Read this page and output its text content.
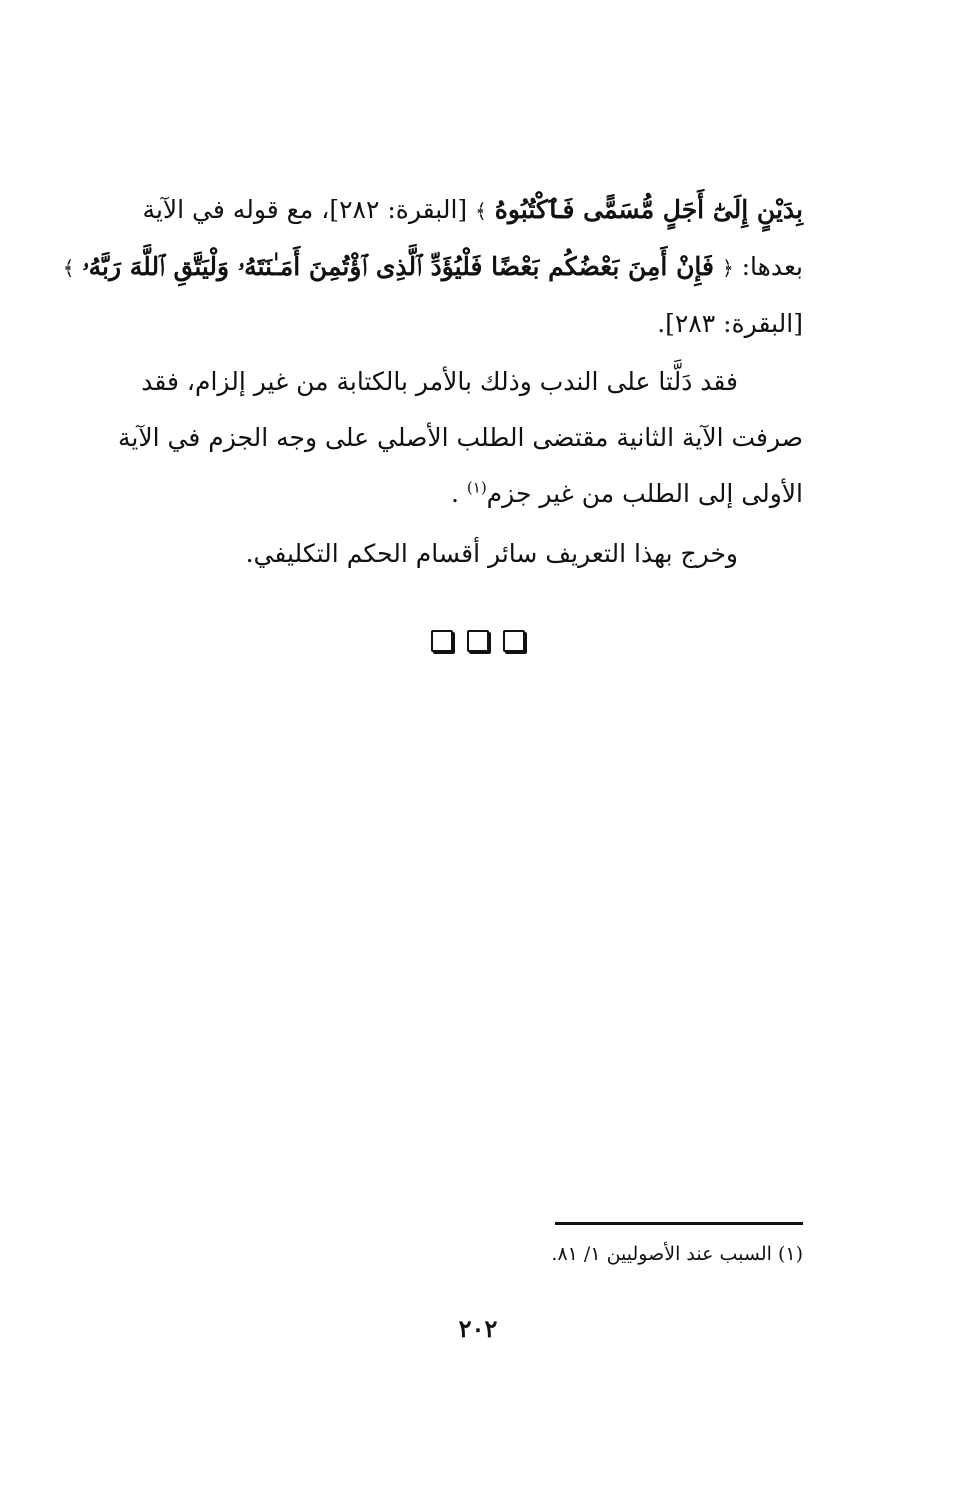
بِدَيْنٍ إِلَىٰٓ أَجَلٍ مُّسَمًّى فَٱكْتُبُوهُ ﴾ [البقرة: ٢٨٢]، مع قوله في الآية
بعدها: ﴿ فَإِنْ أَمِنَ بَعْضُكُم بَعْضًا فَلْيُؤَدِّ ٱلَّذِى ٱؤْتُمِنَ أَمَـٰنَتَهُۥ وَلْيَتَّقِ ٱللَّهَ رَبَّهُۥ ﴾
[البقرة: ٢٨٣].
فقد دَلَّتا على الندب وذلك بالأمر بالكتابة من غير إلزام، فقد
صرفت الآية الثانية مقتضى الطلب الأصلي على وجه الجزم في الآية
الأولى إلى الطلب من غير جزم$^{(١)}$ .
وخرج بهذا التعريف سائر أقسام الحكم التكليفي.
(١) السبب عند الأصوليين ١/ ٨١.
٢٠٢
